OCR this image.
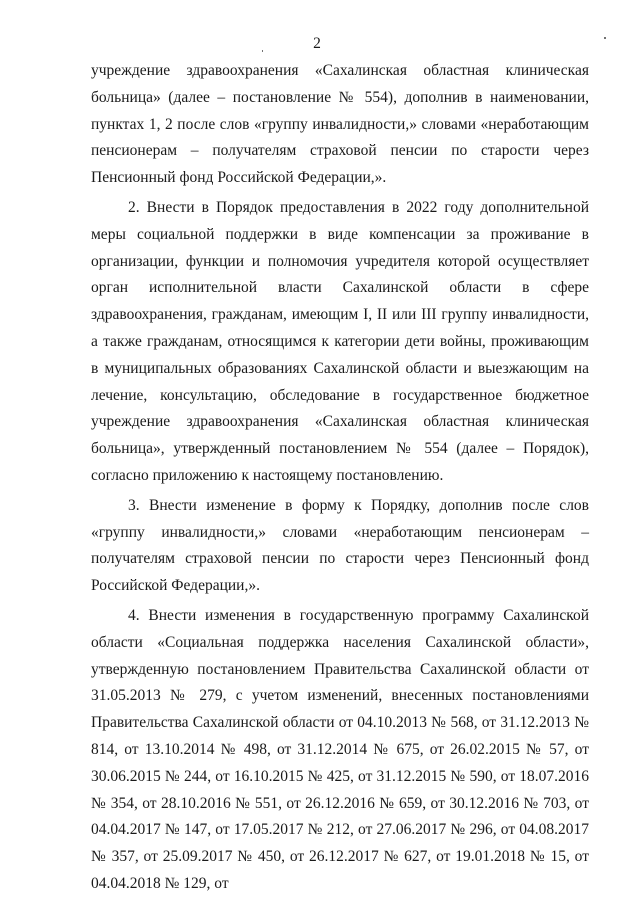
2

учреждение здравоохранения «Сахалинская областная клиническая больница» (далее – постановление № 554), дополнив в наименовании, пунктах 1, 2 после слов «группу инвалидности,» словами «неработающим пенсионерам – получателям страховой пенсии по старости через Пенсионный фонд Российской Федерации,».

2. Внести в Порядок предоставления в 2022 году дополнительной меры социальной поддержки в виде компенсации за проживание в организации, функции и полномочия учредителя которой осуществляет орган исполнительной власти Сахалинской области в сфере здравоохранения, гражданам, имеющим I, II или III группу инвалидности, а также гражданам, относящимся к категории дети войны, проживающим в муниципальных образованиях Сахалинской области и выезжающим на лечение, консультацию, обследование в государственное бюджетное учреждение здравоохранения «Сахалинская областная клиническая больница», утвержденный постановлением № 554 (далее – Порядок), согласно приложению к настоящему постановлению.

3. Внести изменение в форму к Порядку, дополнив после слов «группу инвалидности,» словами «неработающим пенсионерам – получателям страховой пенсии по старости через Пенсионный фонд Российской Федерации,».

4. Внести изменения в государственную программу Сахалинской области «Социальная поддержка населения Сахалинской области», утвержденную постановлением Правительства Сахалинской области от 31.05.2013 № 279, с учетом изменений, внесенных постановлениями Правительства Сахалинской области от 04.10.2013 № 568, от 31.12.2013 № 814, от 13.10.2014 № 498, от 31.12.2014 № 675, от 26.02.2015 № 57, от 30.06.2015 № 244, от 16.10.2015 № 425, от 31.12.2015 № 590, от 18.07.2016 № 354, от 28.10.2016 № 551, от 26.12.2016 № 659, от 30.12.2016 № 703, от 04.04.2017 № 147, от 17.05.2017 № 212, от 27.06.2017 № 296, от 04.08.2017 № 357, от 25.09.2017 № 450, от 26.12.2017 № 627, от 19.01.2018 № 15, от 04.04.2018 № 129, от
